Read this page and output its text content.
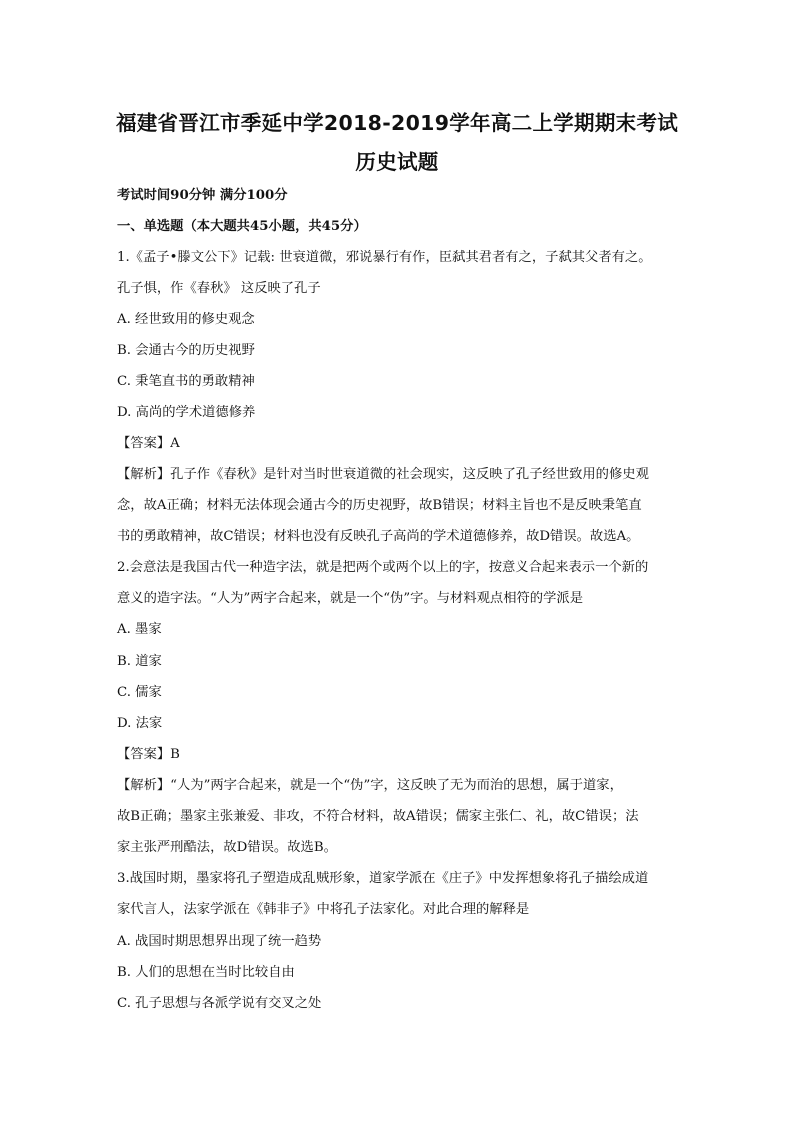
福建省晋江市季延中学2018-2019学年高二上学期期末考试
历史试题
考试时间90分钟 满分100分
一、单选题（本大题共45小题，共45分）
1.《孟子•滕文公下》记载: 世衰道微，邪说暴行有作，臣弑其君者有之，子弑其父者有之。
孔子惧，作《春秋》 这反映了孔子
A. 经世致用的修史观念
B. 会通古今的历史视野
C. 秉笔直书的勇敢精神
D. 高尚的学术道德修养
【答案】A
【解析】孔子作《春秋》是针对当时世衰道微的社会现实，这反映了孔子经世致用的修史观
念，故A正确；材料无法体现会通古今的历史视野，故B错误；材料主旨也不是反映秉笔直
书的勇敢精神，故C错误；材料也没有反映孔子高尚的学术道德修养，故D错误。故选A。
2.会意法是我国古代一种造字法，就是把两个或两个以上的字，按意义合起来表示一个新的
意义的造字法。“人为”两字合起来，就是一个“伪”字。与材料观点相符的学派是
A. 墨家
B. 道家
C. 儒家
D. 法家
【答案】B
【解析】“人为”两字合起来，就是一个“伪”字，这反映了无为而治的思想，属于道家，
故B正确；墨家主张兼爱、非攻，不符合材料，故A错误；儒家主张仁、礼，故C错误；法
家主张严刑酷法，故D错误。故选B。
3.战国时期，墨家将孔子塑造成乱贼形象，道家学派在《庄子》中发挥想象将孔子描绘成道
家代言人，法家学派在《韩非子》中将孔子法家化。对此合理的解释是
A. 战国时期思想界出现了统一趋势
B. 人们的思想在当时比较自由
C. 孔子思想与各派学说有交叉之处
